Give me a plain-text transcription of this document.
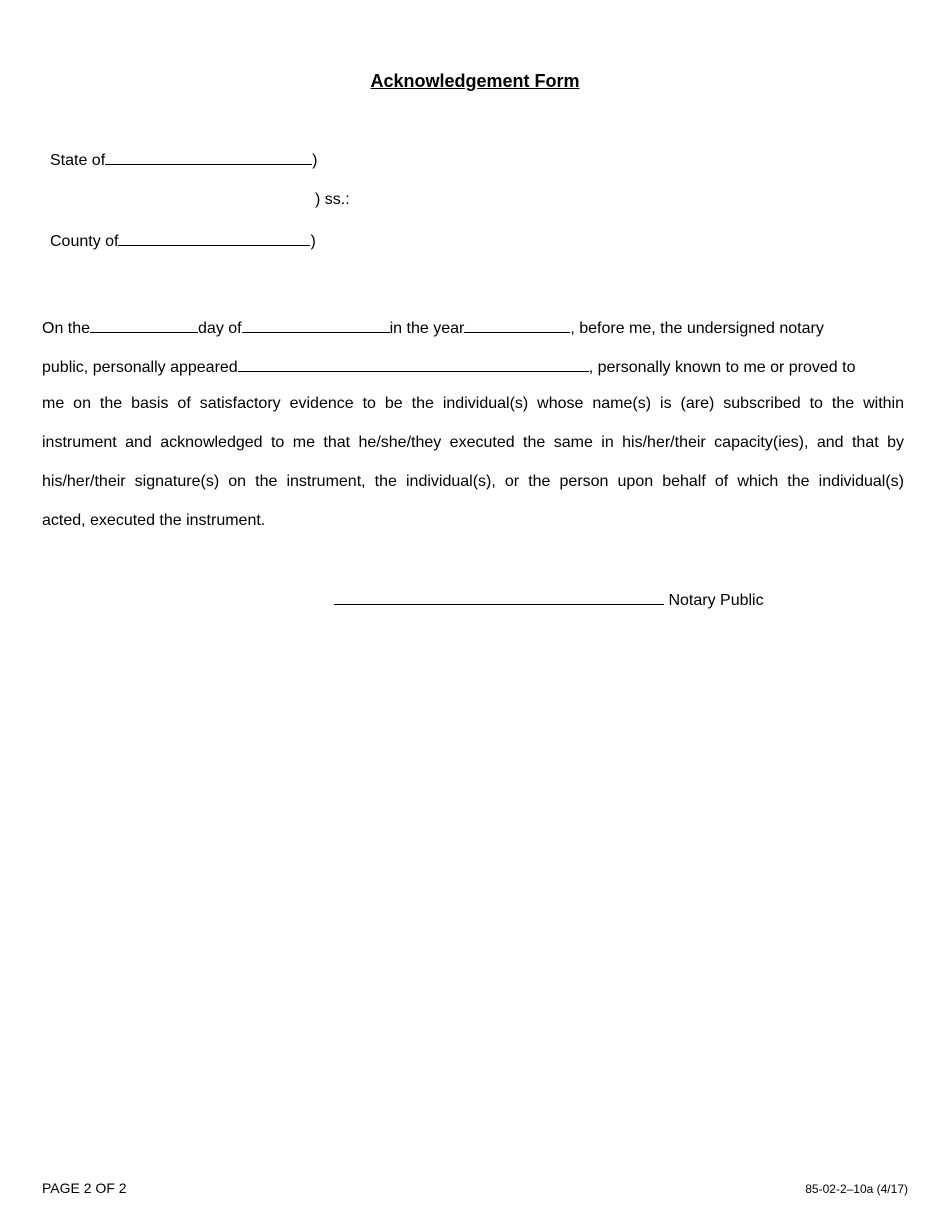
Acknowledgement Form
State of	)
) ss.:
County of	)
On the	day of	in the year	, before me, the undersigned notary
public, personally appeared	, personally known to me or proved to
me on the basis of satisfactory evidence to be the individual(s) whose name(s) is (are) subscribed to the within
instrument and acknowledged to me that he/she/they executed the same in his/her/their capacity(ies), and that by
his/her/their signature(s) on the instrument, the individual(s), or the person upon behalf of which the individual(s)
acted, executed the instrument.
Notary Public
PAGE 2 OF 2	85-02-2–10a (4/17)
